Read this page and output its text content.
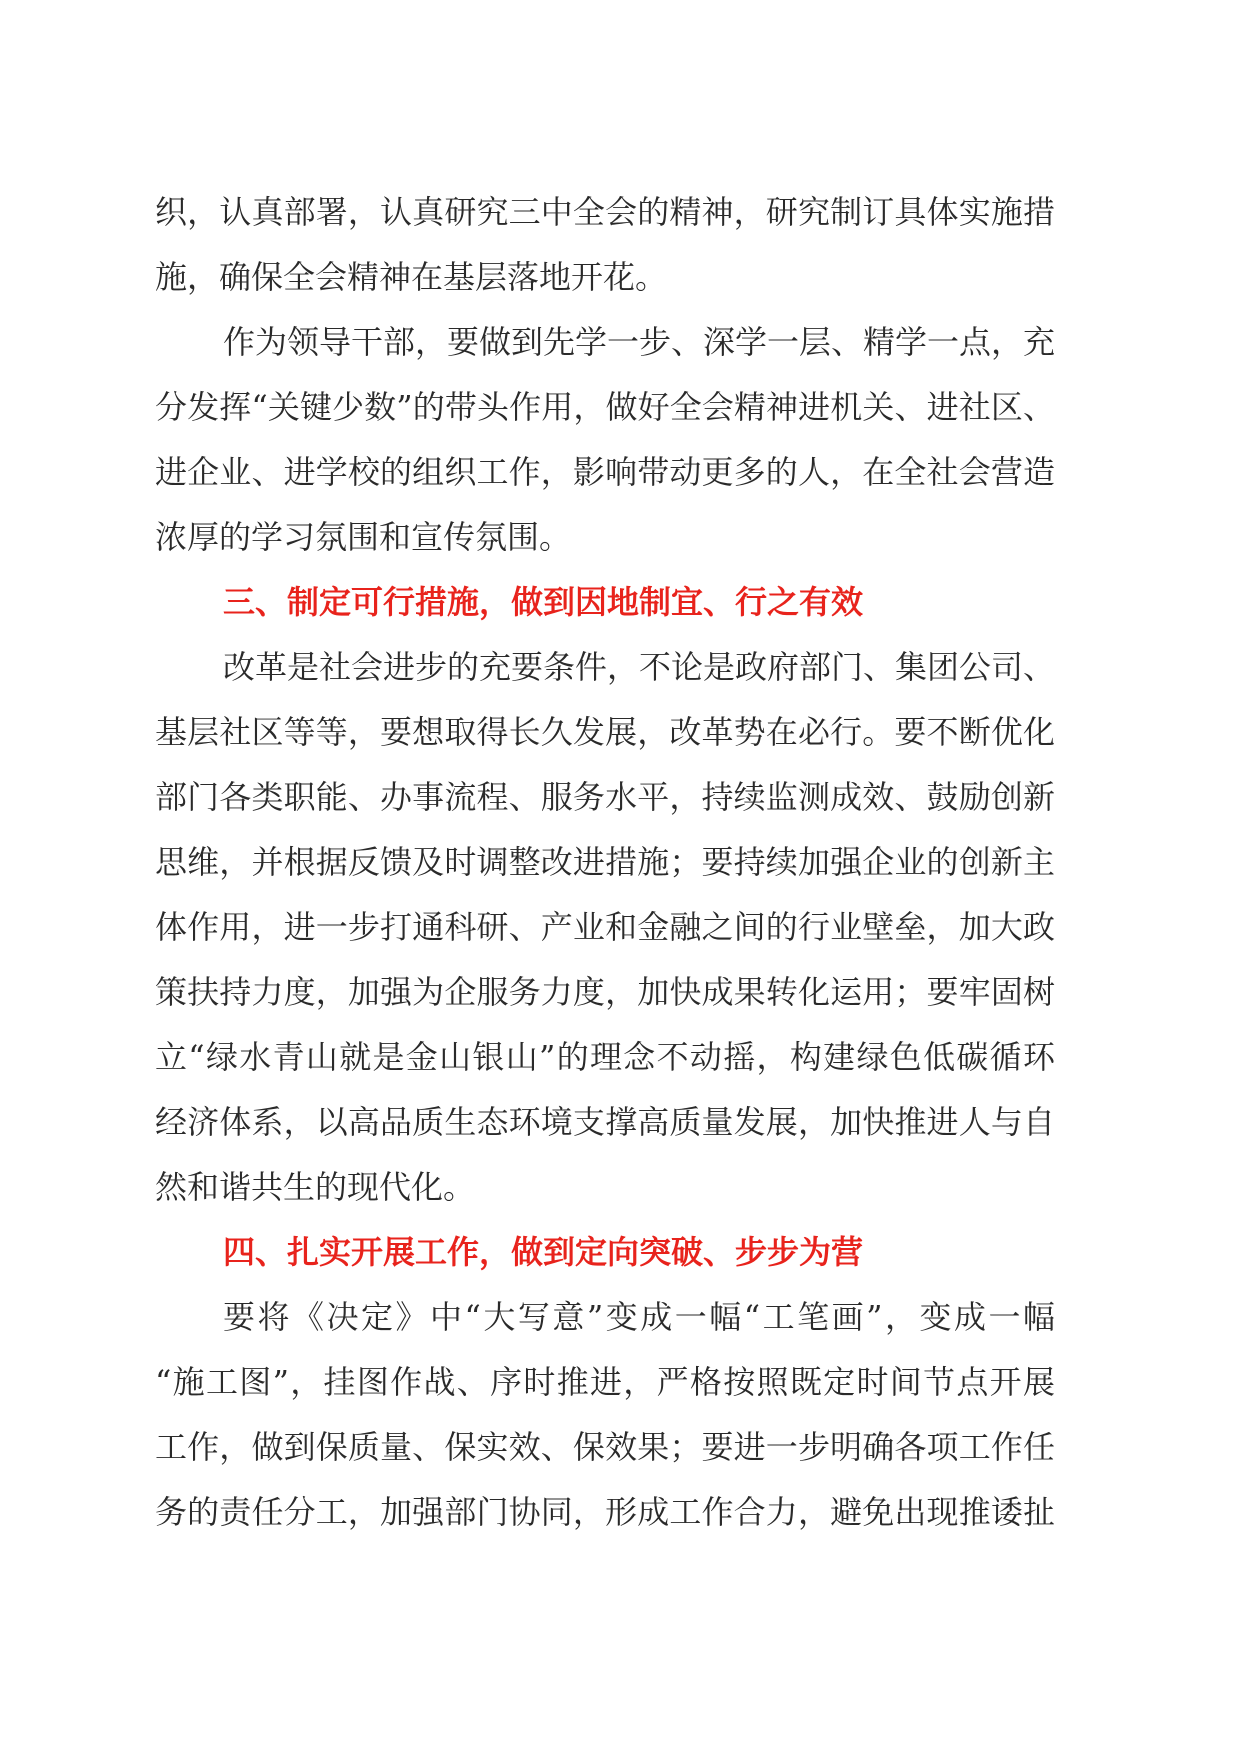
织，认真部署，认真研究三中全会的精神，研究制订具体实施措
施，确保全会精神在基层落地开花。
作为领导干部，要做到先学一步、深学一层、精学一点，充
分发挥“关键少数”的带头作用，做好全会精神进机关、进社区、
进企业、进学校的组织工作，影响带动更多的人，在全社会营造
浓厚的学习氛围和宣传氛围。
三、制定可行措施，做到因地制宜、行之有效
改革是社会进步的充要条件，不论是政府部门、集团公司、
基层社区等等，要想取得长久发展，改革势在必行。要不断优化
部门各类职能、办事流程、服务水平，持续监测成效、鼓励创新
思维，并根据反馈及时调整改进措施；要持续加强企业的创新主
体作用，进一步打通科研、产业和金融之间的行业壁垒，加大政
策扶持力度，加强为企服务力度，加快成果转化运用；要牢固树
立“绿水青山就是金山银山”的理念不动摇，构建绿色低碳循环
经济体系，以高品质生态环境支撑高质量发展，加快推进人与自
然和谐共生的现代化。
四、扎实开展工作，做到定向突破、步步为营
要将《决定》中“大写意”变成一幅“工笔画”，变成一幅
“施工图”，挂图作战、序时推进，严格按照既定时间节点开展
工作，做到保质量、保实效、保效果；要进一步明确各项工作任
务的责任分工，加强部门协同，形成工作合力，避免出现推诿扯
